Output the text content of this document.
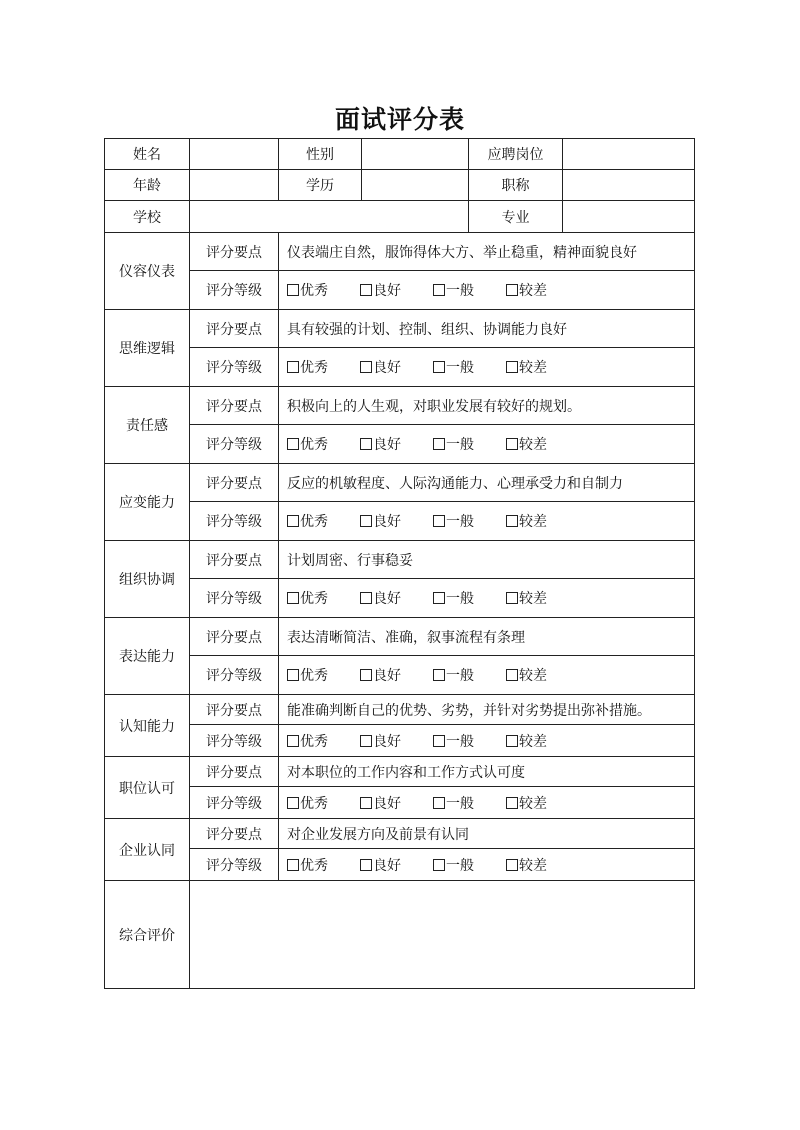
面试评分表
姓名		性别		应聘岗位	
年龄		学历		职称	
学校				专业	
仪容仪表	评分要点	仪表端庄自然，服饰得体大方、举止稳重，精神面貌良好			
	评分等级	优秀 良好 一般 较差			
思维逻辑	评分要点	具有较强的计划、控制、组织、协调能力良好			
	评分等级	优秀 良好 一般 较差			
责任感	评分要点	积极向上的人生观，对职业发展有较好的规划。			
	评分等级	优秀 良好 一般 较差			
应变能力	评分要点	反应的机敏程度、人际沟通能力、心理承受力和自制力			
	评分等级	优秀 良好 一般 较差			
组织协调	评分要点	计划周密、行事稳妥			
	评分等级	优秀 良好 一般 较差			
表达能力	评分要点	表达清晰简洁、准确，叙事流程有条理			
	评分等级	优秀 良好 一般 较差			
认知能力	评分要点	能准确判断自己的优势、劣势，并针对劣势提出弥补措施。			
	评分等级	优秀 良好 一般 较差			
职位认可	评分要点	对本职位的工作内容和工作方式认可度			
	评分等级	优秀 良好 一般 较差			
企业认同	评分要点	对企业发展方向及前景有认同			
	评分等级	优秀 良好 一般 较差			
综合评价					
